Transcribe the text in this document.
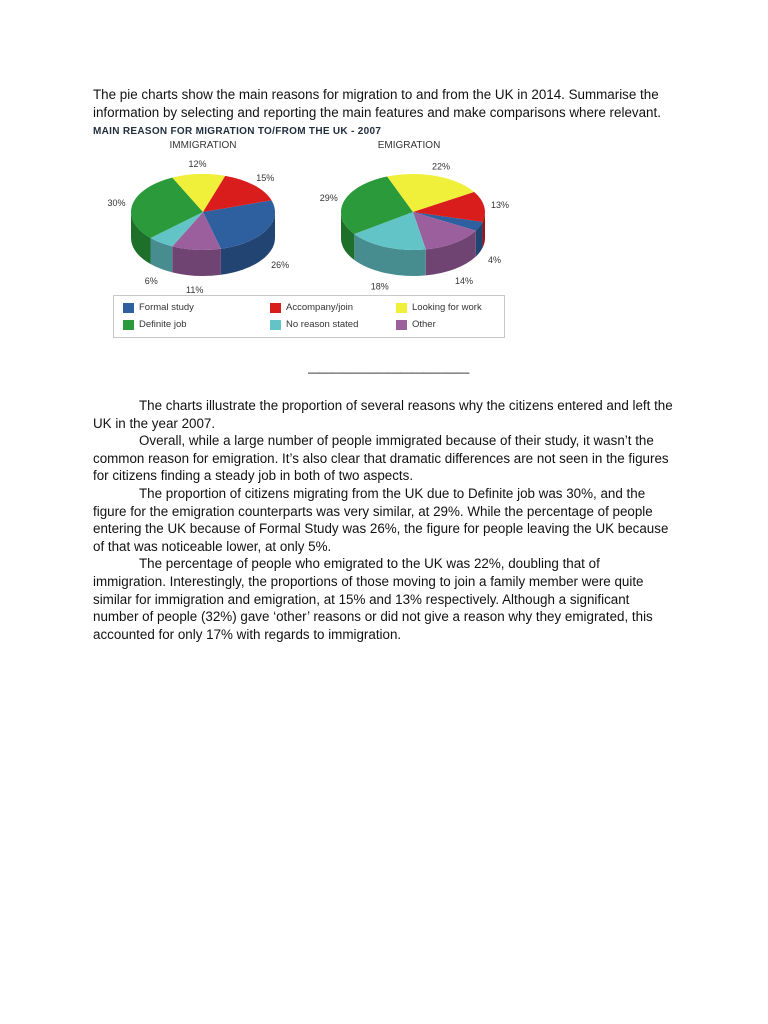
The pie charts show the main reasons for migration to and from the UK in 2014. Summarise the information by selecting and reporting the main features and make comparisons where relevant.

MAIN REASON FOR MIGRATION TO/FROM THE UK - 2007
IMMIGRATION
26%
11%
6%
30%
12%
15%
EMIGRATION
4%
14%
18%
29%
22%
13%
Formal study	Accompany/join	Looking for work
Definite job	No reason stated	Other
——————————————

The charts illustrate the proportion of several reasons why the citizens entered and left the UK in the year 2007.

Overall, while a large number of people immigrated because of their study, it wasn’t the common reason for emigration. It’s also clear that dramatic differences are not seen in the figures for citizens finding a steady job in both of two aspects.

The proportion of citizens migrating from the UK due to Definite job was 30%, and the figure for the emigration counterparts was very similar, at 29%. While the percentage of people entering the UK because of Formal Study was 26%, the figure for people leaving the UK because of that was noticeable lower, at only 5%.

The percentage of people who emigrated to the UK was 22%, doubling that of immigration. Interestingly, the proportions of those moving to join a family member were quite similar for immigration and emigration, at 15% and 13% respectively. Although a significant number of people (32%) gave ‘other’ reasons or did not give a reason why they emigrated, this accounted for only 17% with regards to immigration.
